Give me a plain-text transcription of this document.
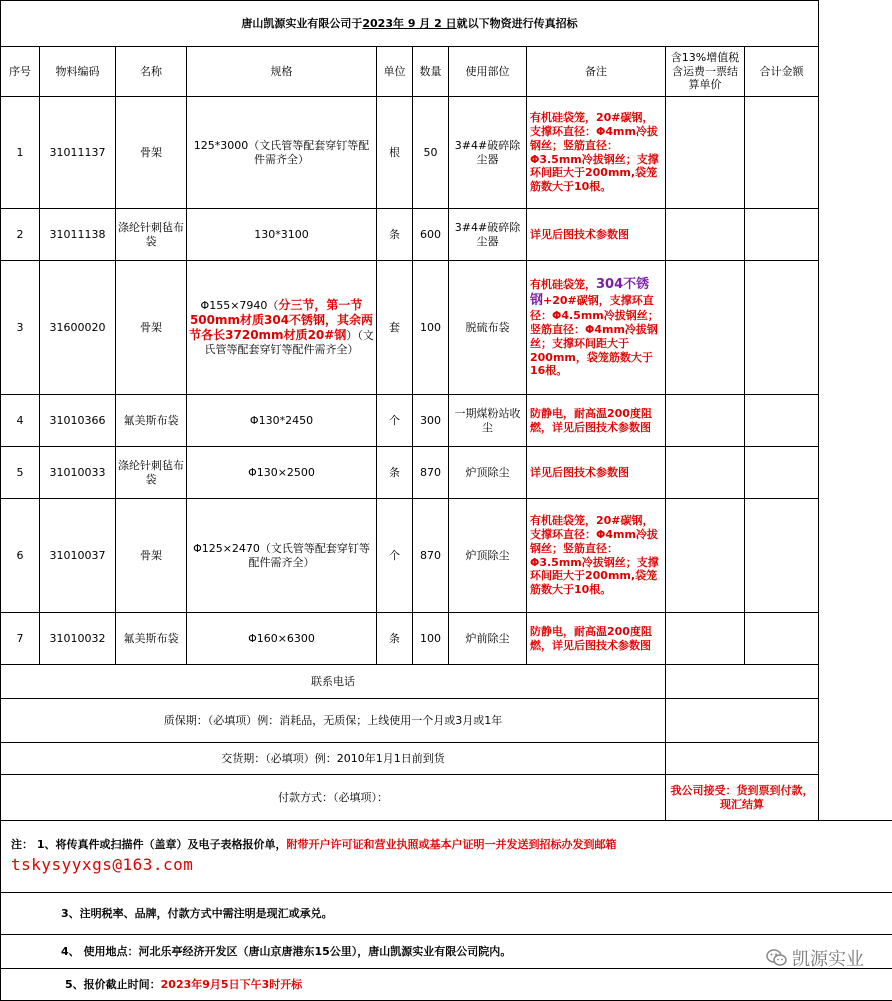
唐山凯源实业有限公司于2023年 9 月 2 日就以下物资进行传真招标										
序号	物料编码	名称	规格	单位	数量	使用部位	备注	含13%增值税含运费一票结算单价	合计金额	
1	31011137	骨架	125*3000（文氏管等配套穿钉等配件需齐全）	根	50	3#4#破碎除尘器	有机硅袋笼，20#碳钢，支撑环直径：Φ4mm冷拔钢丝；竖筋直径：Φ3.5mm冷拔钢丝；支撑环间距大于200mm,袋笼筋数大于10根。			
2	31011138	涤纶针刺毡布袋	130*3100	条	600	3#4#破碎除尘器	详见后图技术参数图			
3	31600020	骨架	Φ155×7940（分三节，第一节500mm材质304不锈钢，其余两节各长3720mm材质20#钢）（文氏管等配套穿钉等配件需齐全）	套	100	脱硫布袋	有机硅袋笼，304不锈钢+20#碳钢，支撑环直径：Φ4.5mm冷拔钢丝；竖筋直径：Φ4mm冷拔钢丝；支撑环间距大于200mm，袋笼筋数大于16根。			
4	31010366	氟美斯布袋	Φ130*2450	个	300	一期煤粉站收尘	防静电，耐高温200度阻燃，详见后图技术参数图			
5	31010033	涤纶针刺毡布袋	Φ130×2500	条	870	炉顶除尘	详见后图技术参数图			
6	31010037	骨架	Φ125×2470（文氏管等配套穿钉等配件需齐全）	个	870	炉顶除尘	有机硅袋笼，20#碳钢，支撑环直径：Φ4mm冷拔钢丝；竖筋直径：Φ3.5mm冷拔钢丝；支撑环间距大于200mm,袋笼筋数大于10根。			
7	31010032	氟美斯布袋	Φ160×6300	条	100	炉前除尘	防静电，耐高温200度阻燃，详见后图技术参数图			
联系电话										
质保期：（必填项）例：消耗品，无质保；上线使用一个月或3月或1年										
交货期：（必填项）例：2010年1月1日前到货										
付款方式：（必填项）：								我公司接受：货到票到付款，现汇结算		

注： 1、将传真件或扫描件（盖章）及电子表格报价单，附带开户许可证和营业执照或基本户证明一并发送到招标办发到邮箱
tskysyyxgs@163.com										

3、注明税率、品牌，付款方式中需注明是现汇或承兑。										
4、 使用地点：河北乐亭经济开发区（唐山京唐港东15公里），唐山凯源实业有限公司院内。										
5、报价截止时间：2023年9月5日下午3时开标										
凯源实业
